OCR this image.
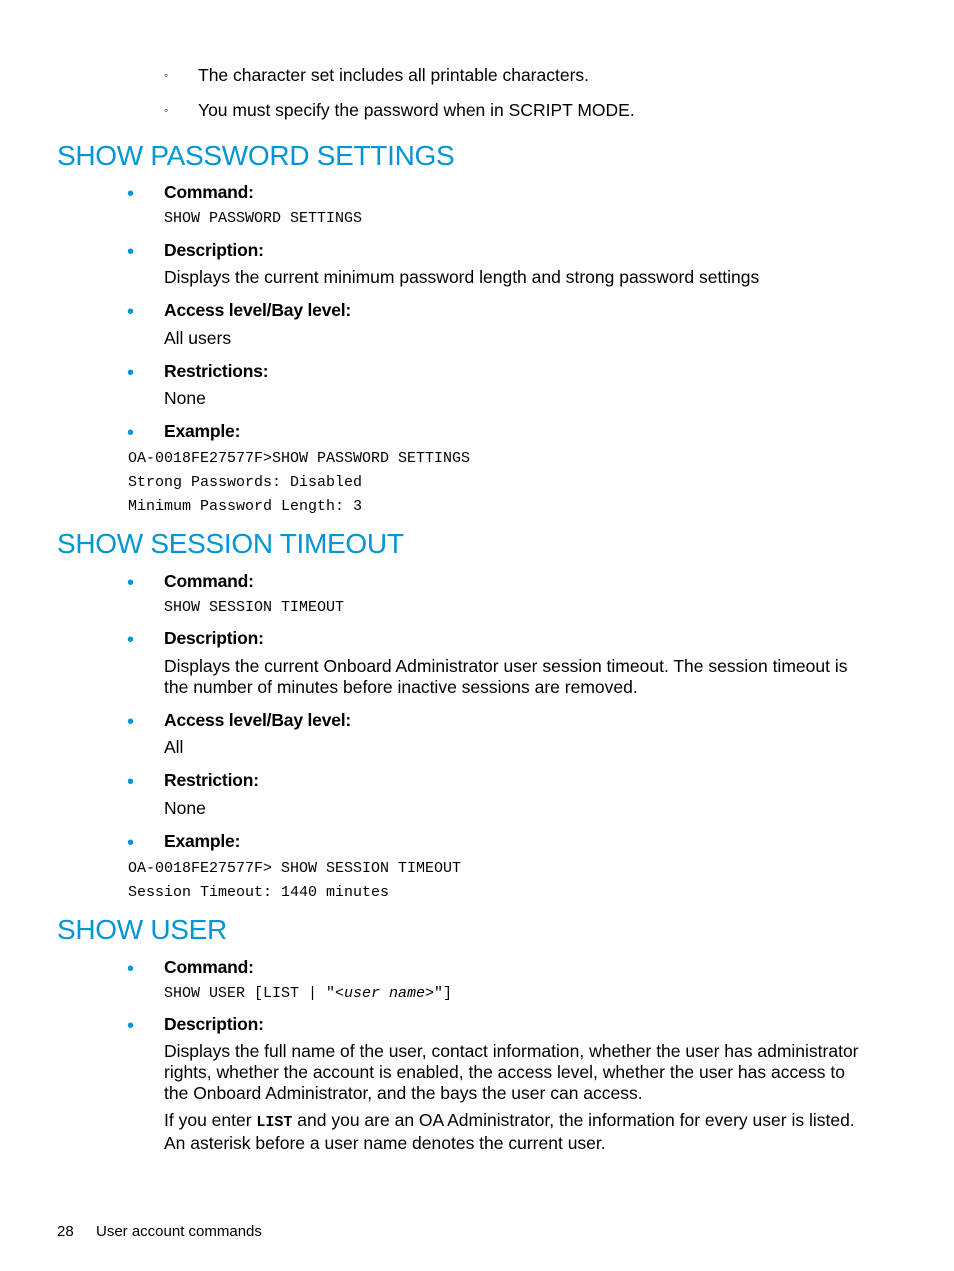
◦ The character set includes all printable characters.
◦ You must specify the password when in SCRIPT MODE.
SHOW PASSWORD SETTINGS
• Command:
SHOW PASSWORD SETTINGS
• Description:
Displays the current minimum password length and strong password settings
• Access level/Bay level:
All users
• Restrictions:
None
• Example:
OA-0018FE27577F>SHOW PASSWORD SETTINGS
Strong Passwords: Disabled
Minimum Password Length: 3
SHOW SESSION TIMEOUT
• Command:
SHOW SESSION TIMEOUT
• Description:
Displays the current Onboard Administrator user session timeout. The session timeout is the number of minutes before inactive sessions are removed.
• Access level/Bay level:
All
• Restriction:
None
• Example:
OA-0018FE27577F> SHOW SESSION TIMEOUT
Session Timeout: 1440 minutes
SHOW USER
• Command:
SHOW USER [LIST | "<user name>"]
• Description:
Displays the full name of the user, contact information, whether the user has administrator rights, whether the account is enabled, the access level, whether the user has access to the Onboard Administrator, and the bays the user can access.
If you enter LIST and you are an OA Administrator, the information for every user is listed. An asterisk before a user name denotes the current user.
28 User account commands
